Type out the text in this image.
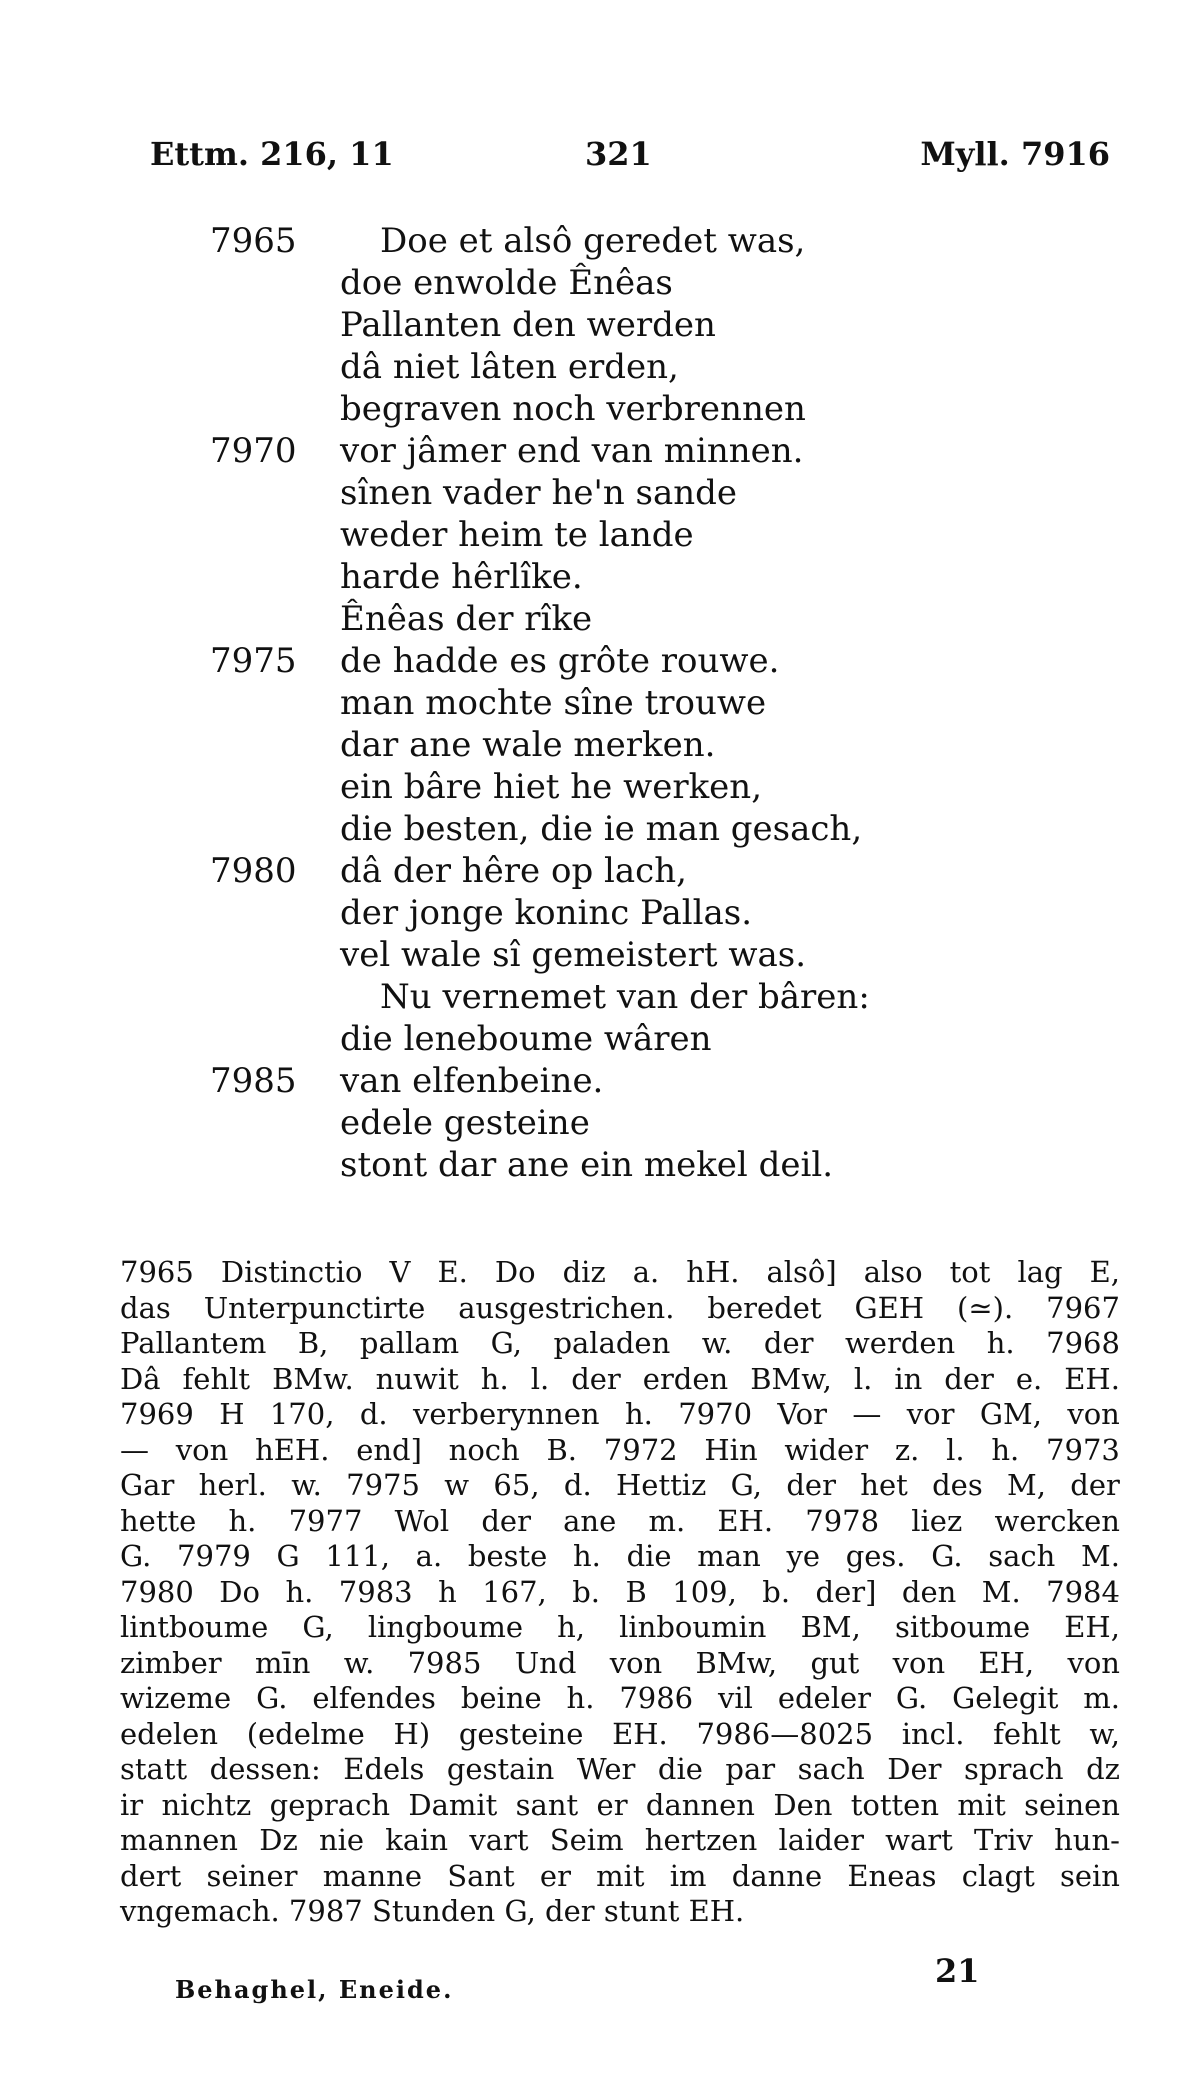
Ettm. 216, 11	321	Myll. 7916
7965 Doe et alsô geredet was,
doe enwolde Ênêas
Pallanten den werden
dâ niet lâten erden,
begraven noch verbrennen
7970 vor jâmer end van minnen.
sînen vader he'n sande
weder heim te lande
harde hêrlîke.
Ênêas der rîke
7975 de hadde es grôte rouwe.
man mochte sîne trouwe
dar ane wale merken.
ein bâre hiet he werken,
die besten, die ie man gesach,
7980 dâ der hêre op lach,
der jonge koninc Pallas.
vel wale sî gemeistert was.
Nu vernemet van der bâren:
die leneboume wâren
7985 van elfenbeine.
edele gesteine
stont dar ane ein mekel deil.
7965 Distinctio V E. Do diz a. hH. alsô] also tot lag E,
das Unterpunctirte ausgestrichen. beredet GEH (≃). 7967
Pallantem B, pallam G, paladen w. der werden h. 7968
Dâ fehlt BMw. nuwit h. l. der erden BMw, l. in der e. EH.
7969 H 170, d. verberynnen h. 7970 Vor — vor GM, von
— von hEH. end] noch B. 7972 Hin wider z. l. h. 7973
Gar herl. w. 7975 w 65, d. Hettiz G, der het des M, der
hette h. 7977 Wol der ane m. EH. 7978 liez wercken
G. 7979 G 111, a. beste h. die man ye ges. G. sach M.
7980 Do h. 7983 h 167, b. B 109, b. der] den M. 7984
lintboume G, lingboume h, linboumin BM, sitboume EH,
zimber mīn w. 7985 Und von BMw, gut von EH, von
wizeme G. elfendes beine h. 7986 vil edeler G. Gelegit m.
edelen (edelme H) gesteine EH. 7986—8025 incl. fehlt w,
statt dessen: Edels gestain Wer die par sach Der sprach dz
ir nichtz geprach Damit sant er dannen Den totten mit seinen
mannen Dz nie kain vart Seim hertzen laider wart Triv hun-
dert seiner manne Sant er mit im danne Eneas clagt sein
vngemach. 7987 Stunden G, der stunt EH.
Behaghel, Eneide.	21
